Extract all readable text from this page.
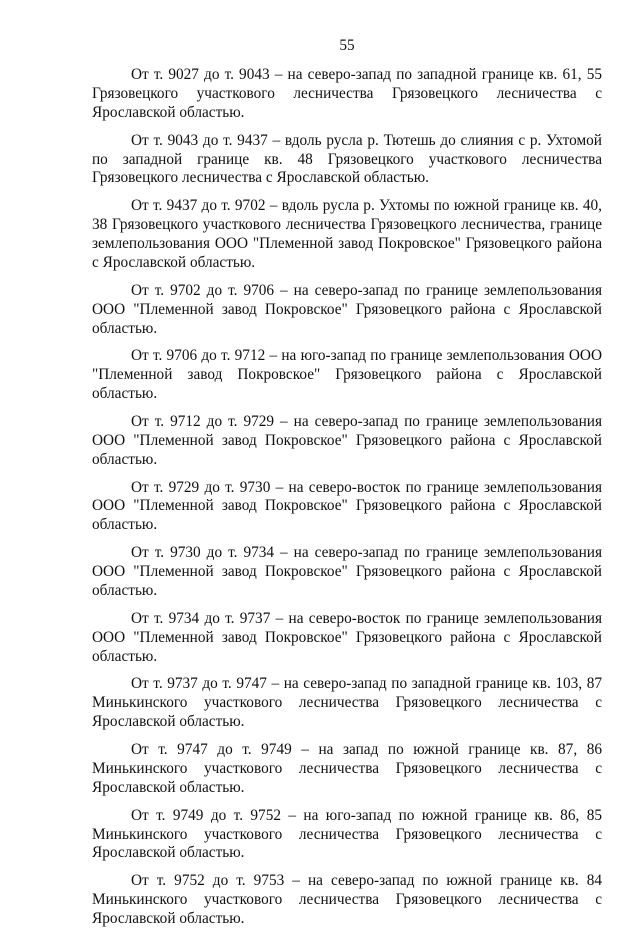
55

От т. 9027 до т. 9043 – на северо-запад по западной границе кв. 61, 55 Грязовецкого участкового лесничества Грязовецкого лесничества с Ярославской областью.

От т. 9043 до т. 9437 – вдоль русла р. Тютешь до слияния с р. Ухтомой по западной границе кв. 48 Грязовецкого участкового лесничества Грязовецкого лесничества с Ярославской областью.

От т. 9437 до т. 9702 – вдоль русла р. Ухтомы по южной границе кв. 40, 38 Грязовецкого участкового лесничества Грязовецкого лесничества, границе землепользования ООО "Племенной завод Покровское" Грязовецкого района с Ярославской областью.

От т. 9702 до т. 9706 – на северо-запад по границе землепользования ООО "Племенной завод Покровское" Грязовецкого района с Ярославской областью.

От т. 9706 до т. 9712 – на юго-запад по границе землепользования ООО "Племенной завод Покровское" Грязовецкого района с Ярославской областью.

От т. 9712 до т. 9729 – на северо-запад по границе землепользования ООО "Племенной завод Покровское" Грязовецкого района с Ярославской областью.

От т. 9729 до т. 9730 – на северо-восток по границе землепользования ООО "Племенной завод Покровское" Грязовецкого района с Ярославской областью.

От т. 9730 до т. 9734 – на северо-запад по границе землепользования ООО "Племенной завод Покровское" Грязовецкого района с Ярославской областью.

От т. 9734 до т. 9737 – на северо-восток по границе землепользования ООО "Племенной завод Покровское" Грязовецкого района с Ярославской областью.

От т. 9737 до т. 9747 – на северо-запад по западной границе кв. 103, 87 Минькинского участкового лесничества Грязовецкого лесничества с Ярославской областью.

От т. 9747 до т. 9749 – на запад по южной границе кв. 87, 86 Минькинского участкового лесничества Грязовецкого лесничества с Ярославской областью.

От т. 9749 до т. 9752 – на юго-запад по южной границе кв. 86, 85 Минькинского участкового лесничества Грязовецкого лесничества с Ярославской областью.

От т. 9752 до т. 9753 – на северо-запад по южной границе кв. 84 Минькинского участкового лесничества Грязовецкого лесничества с Ярославской областью.
